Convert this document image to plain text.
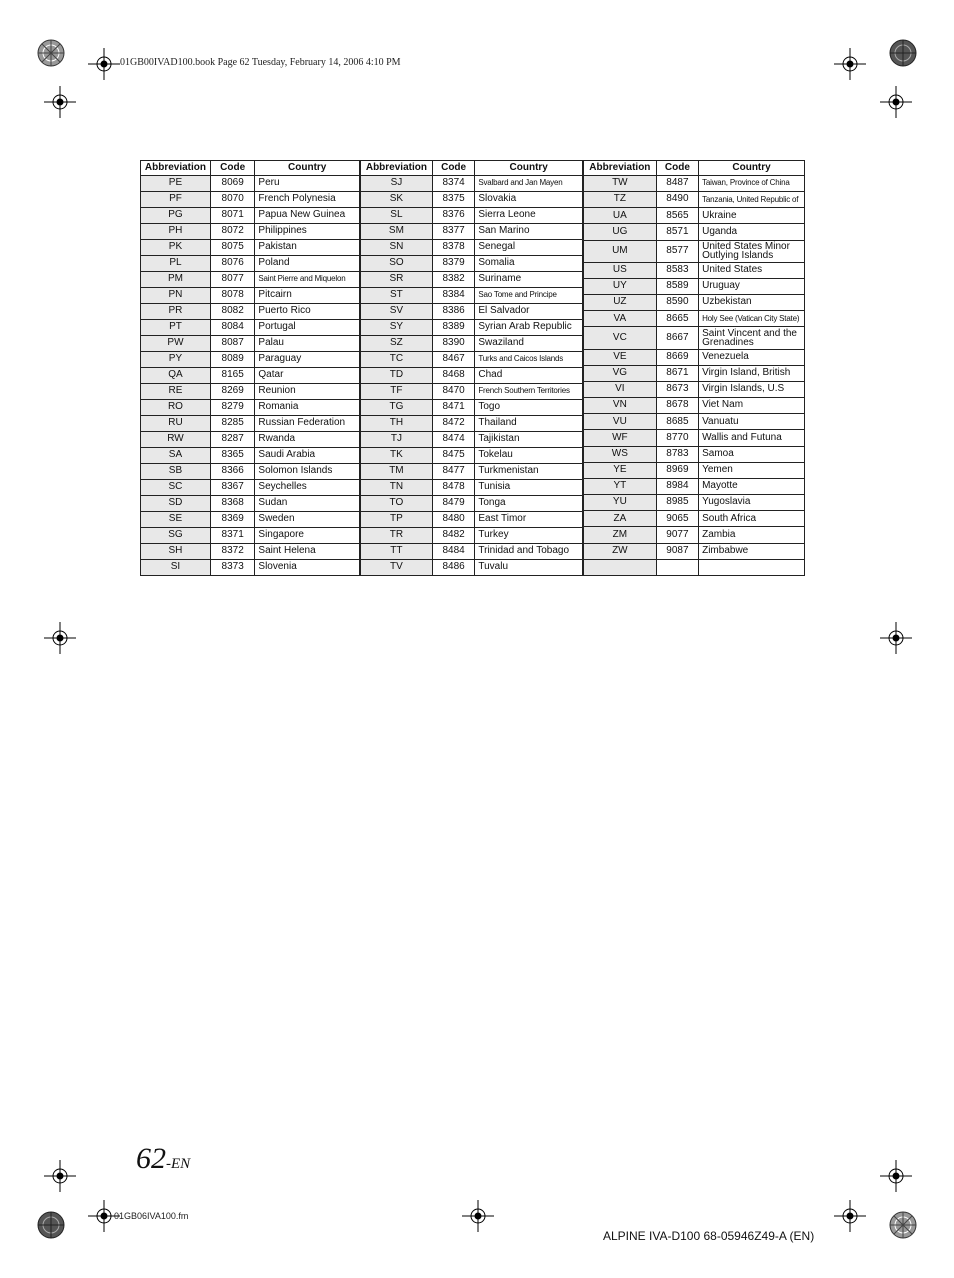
01GB00IVAD100.book Page 62 Tuesday, February 14, 2006 4:10 PM
Abbreviation	Code	Country
PE	8069	Peru
PF	8070	French Polynesia
PG	8071	Papua New Guinea
PH	8072	Philippines
PK	8075	Pakistan
PL	8076	Poland
PM	8077	Saint Pierre and Miquelon
PN	8078	Pitcairn
PR	8082	Puerto Rico
PT	8084	Portugal
PW	8087	Palau
PY	8089	Paraguay
QA	8165	Qatar
RE	8269	Reunion
RO	8279	Romania
RU	8285	Russian Federation
RW	8287	Rwanda
SA	8365	Saudi Arabia
SB	8366	Solomon Islands
SC	8367	Seychelles
SD	8368	Sudan
SE	8369	Sweden
SG	8371	Singapore
SH	8372	Saint Helena
SI	8373	Slovenia
Abbreviation	Code	Country
SJ	8374	Svalbard and Jan Mayen
SK	8375	Slovakia
SL	8376	Sierra Leone
SM	8377	San Marino
SN	8378	Senegal
SO	8379	Somalia
SR	8382	Suriname
ST	8384	Sao Tome and Principe
SV	8386	El Salvador
SY	8389	Syrian Arab Republic
SZ	8390	Swaziland
TC	8467	Turks and Caicos Islands
TD	8468	Chad
TF	8470	French Southern Territories
TG	8471	Togo
TH	8472	Thailand
TJ	8474	Tajikistan
TK	8475	Tokelau
TM	8477	Turkmenistan
TN	8478	Tunisia
TO	8479	Tonga
TP	8480	East Timor
TR	8482	Turkey
TT	8484	Trinidad and Tobago
TV	8486	Tuvalu
Abbreviation	Code	Country
TW	8487	Taiwan, Province of China
TZ	8490	Tanzania, United Republic of
UA	8565	Ukraine
UG	8571	Uganda
UM	8577	United States Minor Outlying Islands
US	8583	United States
UY	8589	Uruguay
UZ	8590	Uzbekistan
VA	8665	Holy See (Vatican City State)
VC	8667	Saint Vincent and the Grenadines
VE	8669	Venezuela
VG	8671	Virgin Island, British
VI	8673	Virgin Islands, U.S
VN	8678	Viet Nam
VU	8685	Vanuatu
WF	8770	Wallis and Futuna
WS	8783	Samoa
YE	8969	Yemen
YT	8984	Mayotte
YU	8985	Yugoslavia
ZA	9065	South Africa
ZM	9077	Zambia
ZW	9087	Zimbabwe

62-EN
01GB06IVA100.fm
ALPINE IVA-D100 68-05946Z49-A (EN)
